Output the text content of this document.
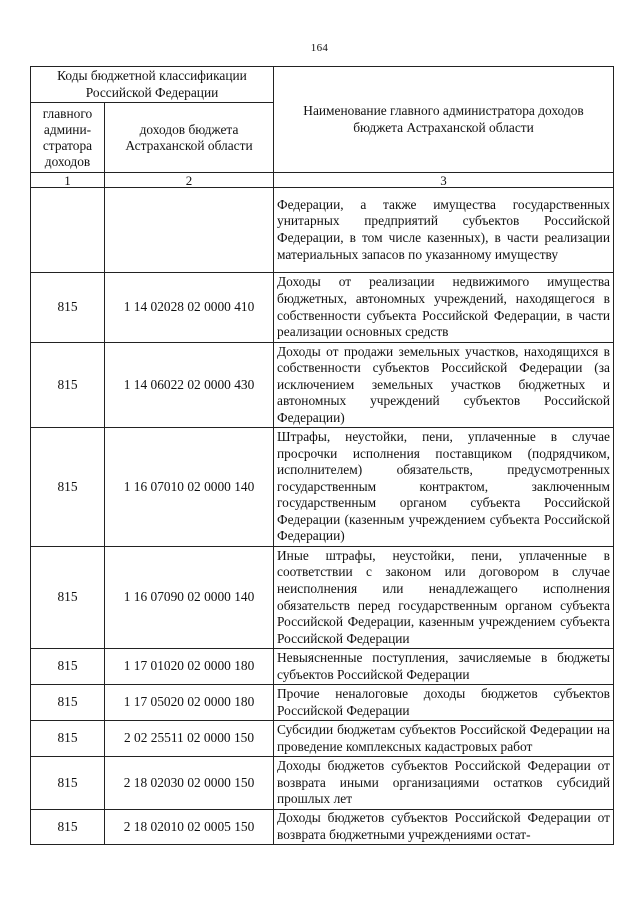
164
Коды бюджетной классификации Российской Федерации		Наименование главного администратора доходов бюджета Астраханской области
главного админи-стратора доходов	доходов бюджета Астраханской области	
1	2	3
		Федерации, а также имущества государственных унитарных предприятий субъектов Российской Федерации, в том числе казенных), в части реализации материальных запасов по указанному имуществу
815	1 14 02028 02 0000 410	Доходы от реализации недвижимого имущества бюджетных, автономных учреждений, находящегося в собственности субъекта Российской Федерации, в части реализации основных средств
815	1 14 06022 02 0000 430	Доходы от продажи земельных участков, находящихся в собственности субъектов Российской Федерации (за исключением земельных участков бюджетных и автономных учреждений субъектов Российской Федерации)
815	1 16 07010 02 0000 140	Штрафы, неустойки, пени, уплаченные в случае просрочки исполнения поставщиком (подрядчиком, исполнителем) обязательств, предусмотренных государственным контрактом, заключенным государственным органом субъекта Российской Федерации (казенным учреждением субъекта Российской Федерации)
815	1 16 07090 02 0000 140	Иные штрафы, неустойки, пени, уплаченные в соответствии с законом или договором в случае неисполнения или ненадлежащего исполнения обязательств перед государственным органом субъекта Российской Федерации, казенным учреждением субъекта Российской Федерации
815	1 17 01020 02 0000 180	Невыясненные поступления, зачисляемые в бюджеты субъектов Российской Федерации
815	1 17 05020 02 0000 180	Прочие неналоговые доходы бюджетов субъектов Российской Федерации
815	2 02 25511 02 0000 150	Субсидии бюджетам субъектов Российской Федерации на проведение комплексных кадастровых работ
815	2 18 02030 02 0000 150	Доходы бюджетов субъектов Российской Федерации от возврата иными организациями остатков субсидий прошлых лет
815	2 18 02010 02 0005 150	Доходы бюджетов субъектов Российской Федерации от возврата бюджетными учреждениями остат-
